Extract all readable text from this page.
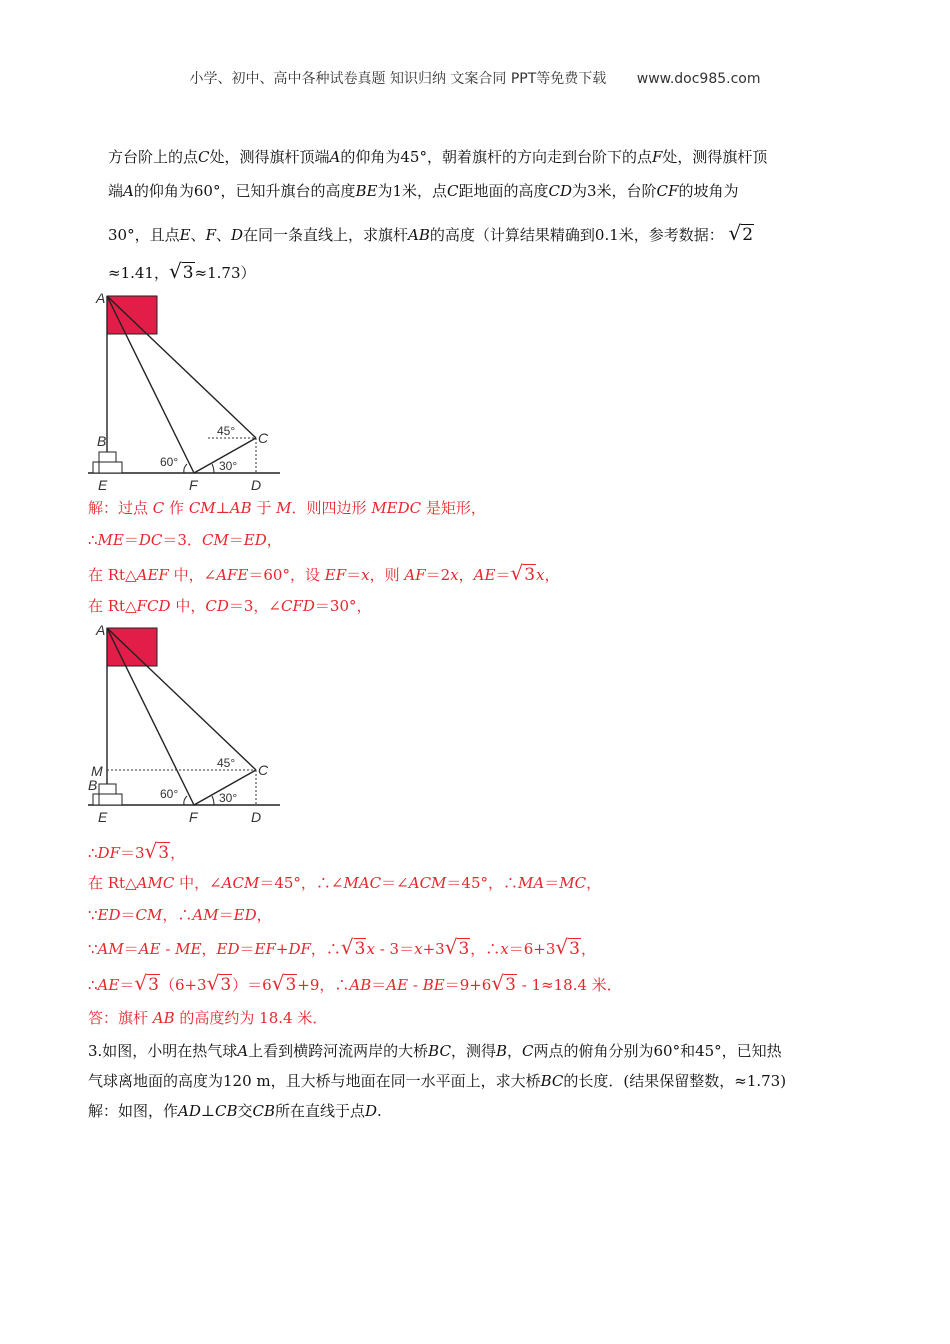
小学、初中、高中各种试卷真题 知识归纳 文案合同 PPT等免费下载 www.doc985.com
方台阶上的点C处，测得旗杆顶端A的仰角为45°，朝着旗杆的方向走到台阶下的点F处，测得旗杆顶
端A的仰角为60°，已知升旗台的高度BE为1米，点C距地面的高度CD为3米，台阶CF的坡角为
30°，且点E、F、D在同一条直线上，求旗杆AB的高度（计算结果精确到0.1米，参考数据： √2
≈1.41，√3≈1.73）
A
B	C
E	F	D
45°
60°	30°
解：过点 C 作 CM⊥AB 于 M．则四边形 MEDC 是矩形，
∴ME＝DC＝3．CM＝ED，
在 Rt△AEF 中，∠AFE＝60°，设 EF＝x，则 AF＝2x，AE＝√3x，
在 Rt△FCD 中，CD＝3，∠CFD＝30°，
A
M
B
C
E	F	D
45°
60°	30°
∴DF＝3√3，
在 Rt△AMC 中，∠ACM＝45°，∴∠MAC＝∠ACM＝45°，∴MA＝MC，
∵ED＝CM，∴AM＝ED，
∵AM＝AE - ME，ED＝EF+DF，∴√3x - 3＝x+3√3，∴x＝6+3√3，
∴AE＝√3（6+3√3）＝6√3+9，∴AB＝AE - BE＝9+6√3 - 1≈18.4 米．
答：旗杆 AB 的高度约为 18.4 米．
3.如图，小明在热气球A上看到横跨河流两岸的大桥BC，测得B，C两点的俯角分别为60°和45°，已知热
气球离地面的高度为120 m，且大桥与地面在同一水平面上，求大桥BC的长度．(结果保留整数，≈1.73)
解：如图，作AD⊥CB交CB所在直线于点D.
